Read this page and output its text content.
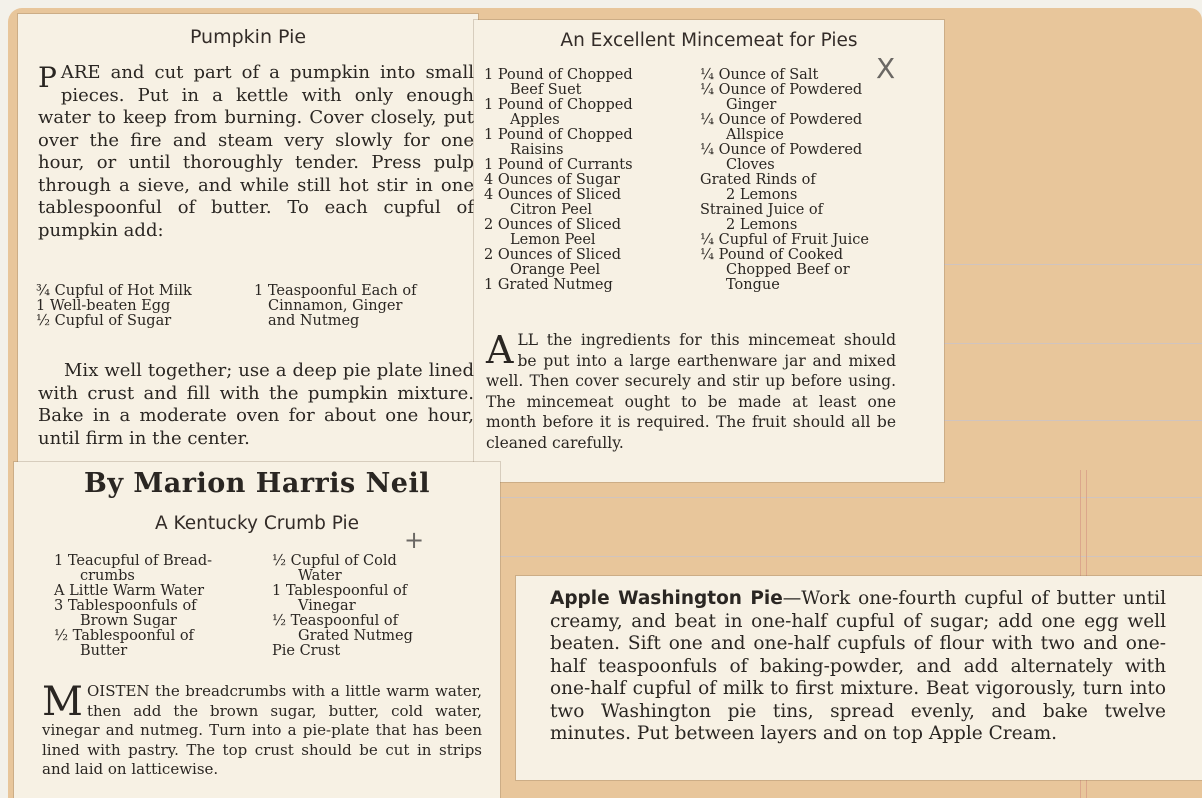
Pumpkin Pie
PARE and cut part of a pumpkin into small pieces. Put in a kettle with only enough water to keep from burning. Cover closely, put over the fire and steam very slowly for one hour, or until thoroughly tender. Press pulp through a sieve, and while still hot stir in one tablespoonful of butter. To each cupful of pumpkin add:
¾ Cupful of Hot Milk
1 Well-beaten Egg
½ Cupful of Sugar
1 Teaspoonful Each of
Cinnamon, Ginger
and Nutmeg
Mix well together; use a deep pie plate lined with crust and fill with the pumpkin mixture. Bake in a moderate oven for about one hour, until firm in the center.
An Excellent Mincemeat for Pies
X
1 Pound of Chopped
Beef Suet
1 Pound of Chopped
Apples
1 Pound of Chopped
Raisins
1 Pound of Currants
4 Ounces of Sugar
4 Ounces of Sliced
Citron Peel
2 Ounces of Sliced
Lemon Peel
2 Ounces of Sliced
Orange Peel
1 Grated Nutmeg
¼ Ounce of Salt
¼ Ounce of Powdered
Ginger
¼ Ounce of Powdered
Allspice
¼ Ounce of Powdered
Cloves
Grated Rinds of
2 Lemons
Strained Juice of
2 Lemons
¼ Cupful of Fruit Juice
¼ Pound of Cooked
Chopped Beef or
Tongue
ALL the ingredients for this mincemeat should be put into a large earthenware jar and mixed well. Then cover securely and stir up before using. The mincemeat ought to be made at least one month before it is required. The fruit should all be cleaned carefully.
By Marion Harris Neil
A Kentucky Crumb Pie
+
1 Teacupful of Bread-
crumbs
A Little Warm Water
3 Tablespoonfuls of
Brown Sugar
½ Tablespoonful of
Butter
½ Cupful of Cold
Water
1 Tablespoonful of
Vinegar
½ Teaspoonful of
Grated Nutmeg
Pie Crust
MOISTEN the breadcrumbs with a little warm water, then add the brown sugar, butter, cold water, vinegar and nutmeg. Turn into a pie-plate that has been lined with pastry. The top crust should be cut in strips and laid on latticewise.
Apple Washington Pie—Work one-fourth cupful of butter until creamy, and beat in one-half cupful of sugar; add one egg well beaten. Sift one and one-half cupfuls of flour with two and one-half teaspoonfuls of baking-powder, and add alternately with one-half cupful of milk to first mixture. Beat vigorously, turn into two Washington pie tins, spread evenly, and bake twelve minutes. Put between layers and on top Apple Cream.
